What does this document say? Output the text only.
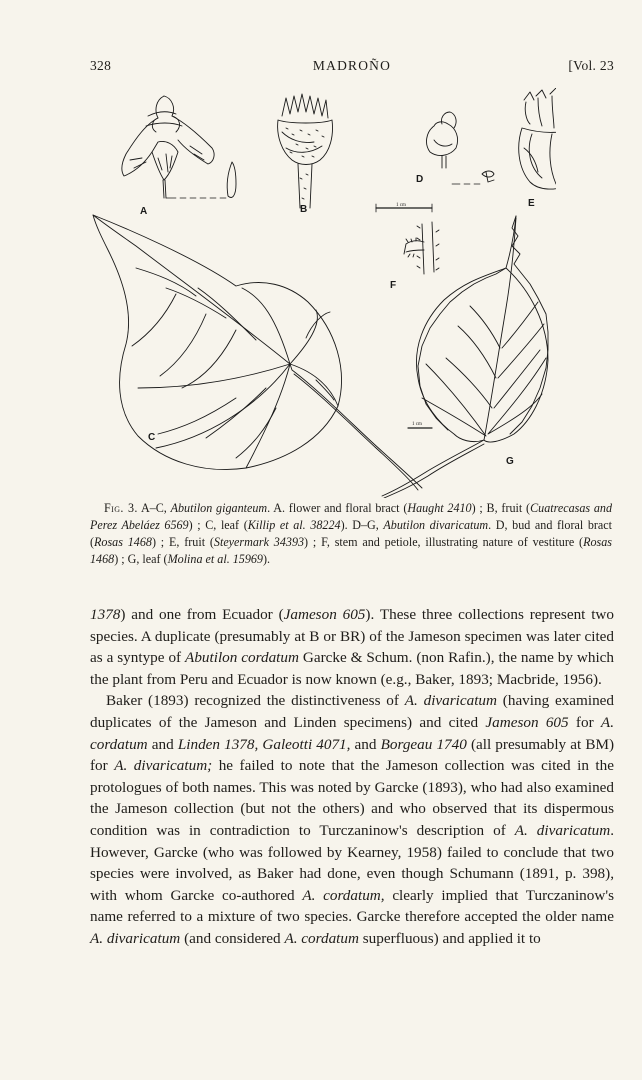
328	MADROÑO	[Vol. 23
A	B
C
D
E
F
G
1 cm
1 cm
Fig. 3. A–C, Abutilon giganteum. A. flower and floral bract (Haught 2410) ; B, fruit (Cuatrecasas and Perez Abeláez 6569) ; C, leaf (Killip et al. 38224). D–G, Abutilon divaricatum. D, bud and floral bract (Rosas 1468) ; E, fruit (Steyermark 34393) ; F, stem and petiole, illustrating nature of vestiture (Rosas 1468) ; G, leaf (Molina et al. 15969).

1378) and one from Ecuador (Jameson 605). These three collections represent two species. A duplicate (presumably at B or BR) of the Jameson specimen was later cited as a syntype of Abutilon cordatum Garcke & Schum. (non Rafin.), the name by which the plant from Peru and Ecuador is now known (e.g., Baker, 1893; Macbride, 1956).

Baker (1893) recognized the distinctiveness of A. divaricatum (having examined duplicates of the Jameson and Linden specimens) and cited Jameson 605 for A. cordatum and Linden 1378, Galeotti 4071, and Borgeau 1740 (all presumably at BM) for A. divaricatum; he failed to note that the Jameson collection was cited in the protologues of both names. This was noted by Garcke (1893), who had also examined the Jameson collection (but not the others) and who observed that its dispermous condition was in contradiction to Turczaninow's description of A. divaricatum. However, Garcke (who was followed by Kearney, 1958) failed to conclude that two species were involved, as Baker had done, even though Schumann (1891, p. 398), with whom Garcke co-authored A. cordatum, clearly implied that Turczaninow's name referred to a mixture of two species. Garcke therefore accepted the older name A. divaricatum (and considered A. cordatum superfluous) and applied it to
